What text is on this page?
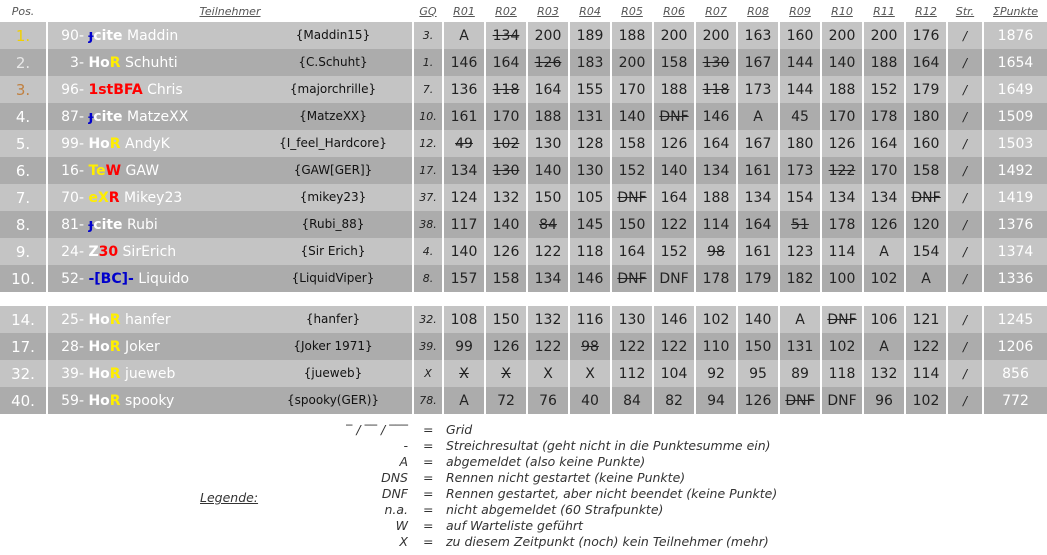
Pos.		Teilnehmer		GQ		R01		R02		R03		R04		R05		R06		R07		R08		R09		R10		R11		R12		Str.		ΣPunkte
1.		90- ɟcite Maddin {Maddin15}		3.		A		134		200		189		188		200		200		163		160		200		200		176		/		1876
2.		3- HoR Schuhti {C.Schuht}		1.		146		164		126		183		200		158		130		167		144		140		188		164		/		1654
3.		96- 1stBFA Chris {majorchrille}		7.		136		118		164		155		170		188		118		173		144		188		152		179		/		1649
4.		87- ɟcite MatzeXX {MatzeXX}		10.		161		170		188		131		140		DNF		146		A		45		170		178		180		/		1509
5.		99- HoR AndyK {I_feel_Hardcore}		12.		49		102		130		128		158		126		164		167		180		126		164		160		/		1503
6.		16- TeW GAW {GAW[GER]}		17.		134		130		140		130		152		140		134		161		173		122		170		158		/		1492
7.		70- eXR Mikey23 {mikey23}		37.		124		132		150		105		DNF		164		188		134		154		134		134		DNF		/		1419
8.		81- ɟcite Rubi {Rubi_88}		38.		117		140		84		145		150		122		114		164		51		178		126		120		/		1376
9.		24- Z30 SirErich {Sir Erich}		4.		140		126		122		118		164		152		98		161		123		114		A		154		/		1374
10.		52- -[BC]- Liquido {LiquidViper}		8.		157		158		134		146		DNF		DNF		178		179		182		100		102		A		/		1336

14.		25- HoR hanfer {hanfer}		32.		108		150		132		116		130		146		102		140		A		DNF		106		121		/		1245
17.		28- HoR Joker {Joker 1971}		39.		99		126		122		98		122		122		110		150		131		102		A		122		/		1206
32.		39- HoR jueweb {jueweb}		X		X		X		X		X		112		104		92		95		89		118		132		114		/		856
40.		59- HoR spooky {spooky(GER)}		78.		A		72		76		40		84		82		94		126		DNF		DNF		96		102		/		772
Legende:
‾ / ‾‾ / ‾‾‾ = Grid
- = Streichresultat (geht nicht in die Punktesumme ein)
A = abgemeldet (also keine Punkte)
DNS = Rennen nicht gestartet (keine Punkte)
DNF = Rennen gestartet, aber nicht beendet (keine Punkte)
n.a. = nicht abgemeldet (60 Strafpunkte)
W = auf Warteliste geführt
X = zu diesem Zeitpunkt (noch) kein Teilnehmer (mehr)
